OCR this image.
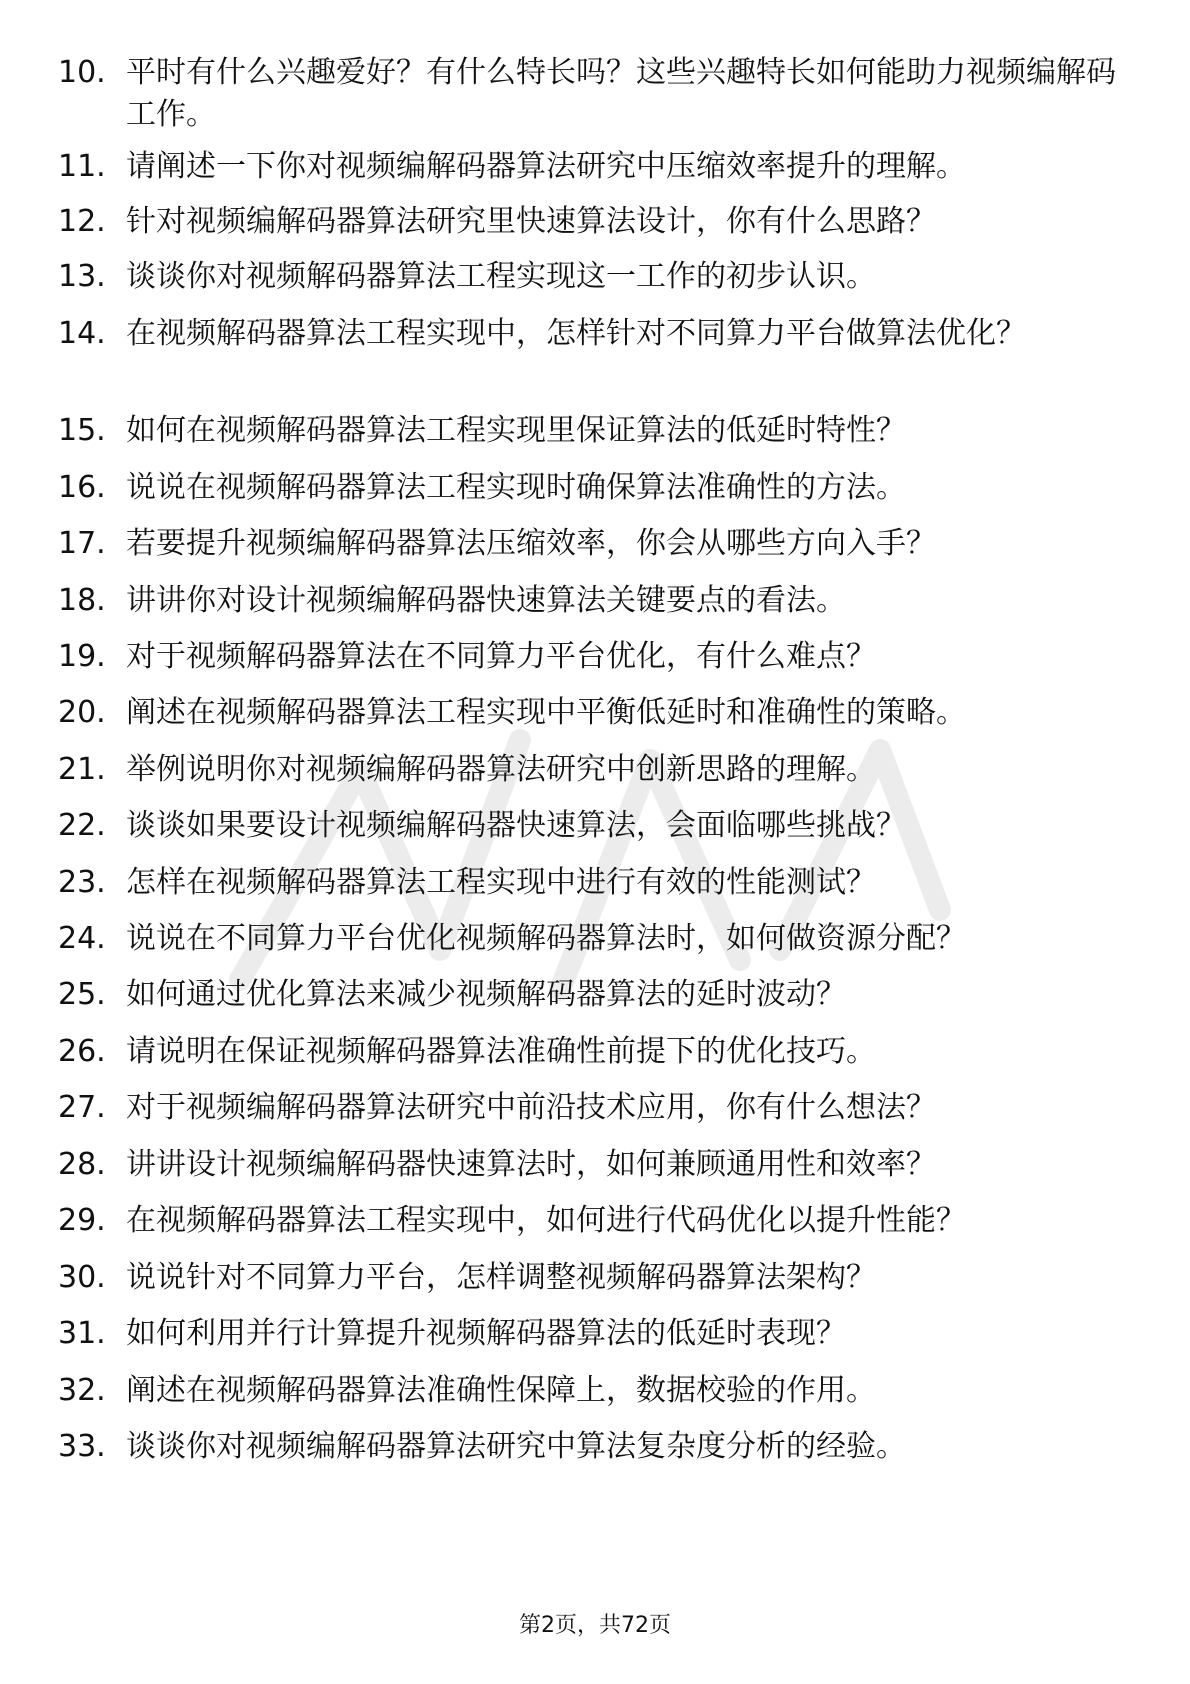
10. 平时有什么兴趣爱好？有什么特长吗？这些兴趣特长如何能助力视频编解码工作。
11. 请阐述一下你对视频编解码器算法研究中压缩效率提升的理解。
12. 针对视频编解码器算法研究里快速算法设计，你有什么思路？
13. 谈谈你对视频解码器算法工程实现这一工作的初步认识。
14. 在视频解码器算法工程实现中，怎样针对不同算力平台做算法优化？
15. 如何在视频解码器算法工程实现里保证算法的低延时特性？
16. 说说在视频解码器算法工程实现时确保算法准确性的方法。
17. 若要提升视频编解码器算法压缩效率，你会从哪些方向入手？
18. 讲讲你对设计视频编解码器快速算法关键要点的看法。
19. 对于视频解码器算法在不同算力平台优化，有什么难点？
20. 阐述在视频解码器算法工程实现中平衡低延时和准确性的策略。
21. 举例说明你对视频编解码器算法研究中创新思路的理解。
22. 谈谈如果要设计视频编解码器快速算法，会面临哪些挑战？
23. 怎样在视频解码器算法工程实现中进行有效的性能测试？
24. 说说在不同算力平台优化视频解码器算法时，如何做资源分配？
25. 如何通过优化算法来减少视频解码器算法的延时波动？
26. 请说明在保证视频解码器算法准确性前提下的优化技巧。
27. 对于视频编解码器算法研究中前沿技术应用，你有什么想法？
28. 讲讲设计视频编解码器快速算法时，如何兼顾通用性和效率？
29. 在视频解码器算法工程实现中，如何进行代码优化以提升性能？
30. 说说针对不同算力平台，怎样调整视频解码器算法架构？
31. 如何利用并行计算提升视频解码器算法的低延时表现？
32. 阐述在视频解码器算法准确性保障上，数据校验的作用。
33. 谈谈你对视频编解码器算法研究中算法复杂度分析的经验。
第2页，共72页
